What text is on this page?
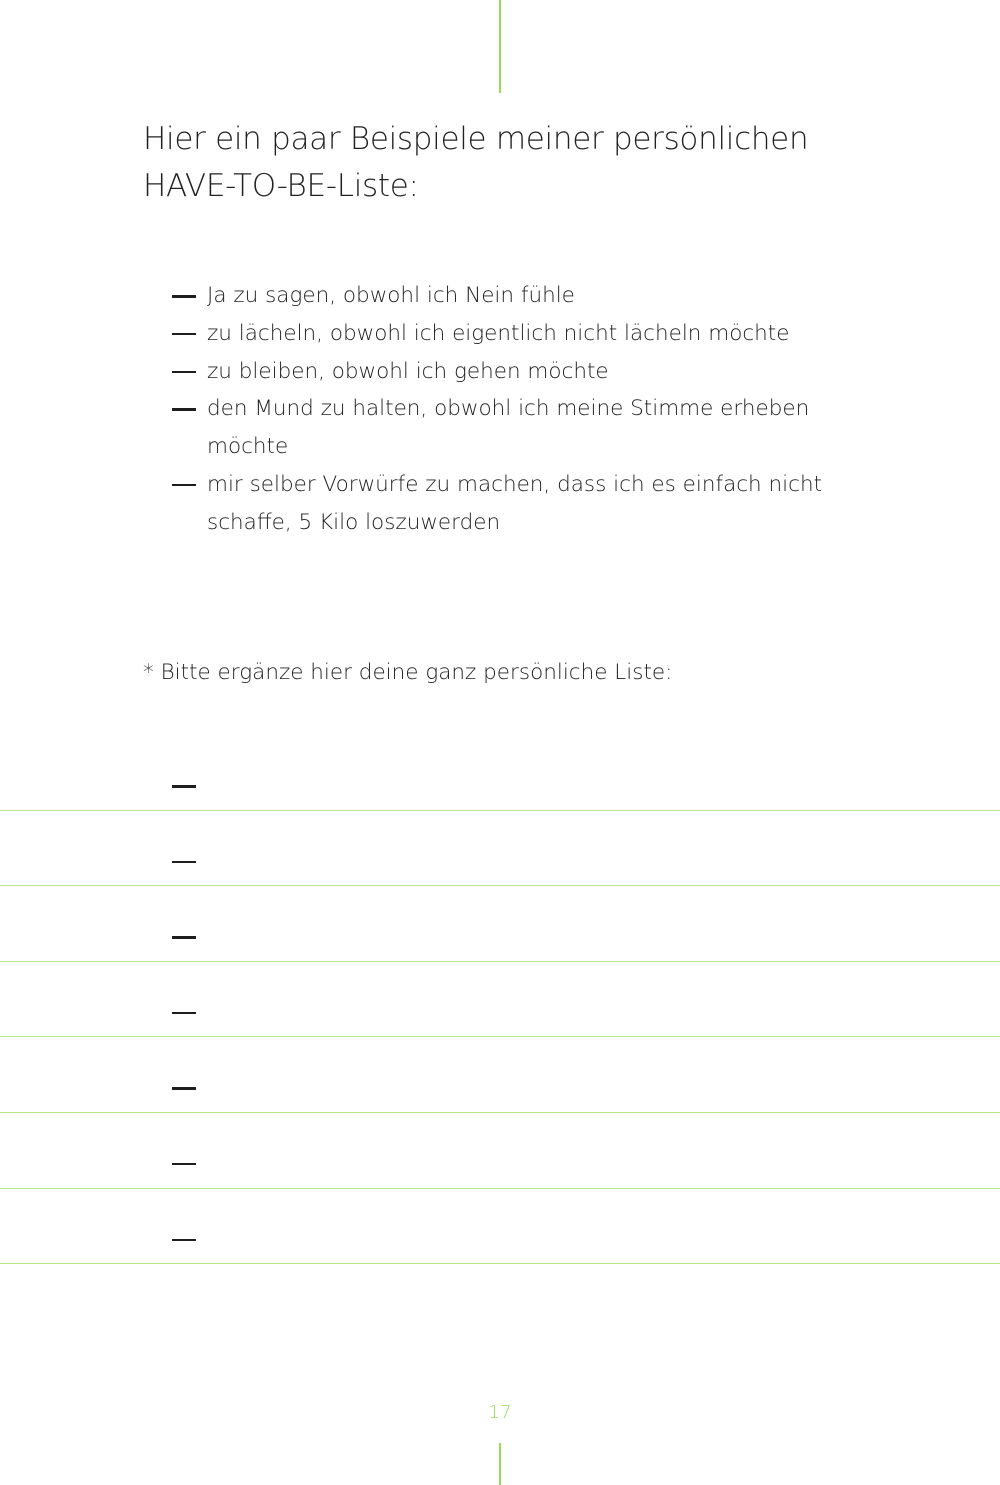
Hier ein paar Beispiele meiner persönlichen
HAVE-TO-BE-Liste:
Ja zu sagen, obwohl ich Nein fühle
zu lächeln, obwohl ich eigentlich nicht lächeln möchte
zu bleiben, obwohl ich gehen möchte
den Mund zu halten, obwohl ich meine Stimme erheben
möchte
mir selber Vorwürfe zu machen, dass ich es einfach nicht
schaffe, 5 Kilo loszuwerden
* Bitte ergänze hier deine ganz persönliche Liste:
17
